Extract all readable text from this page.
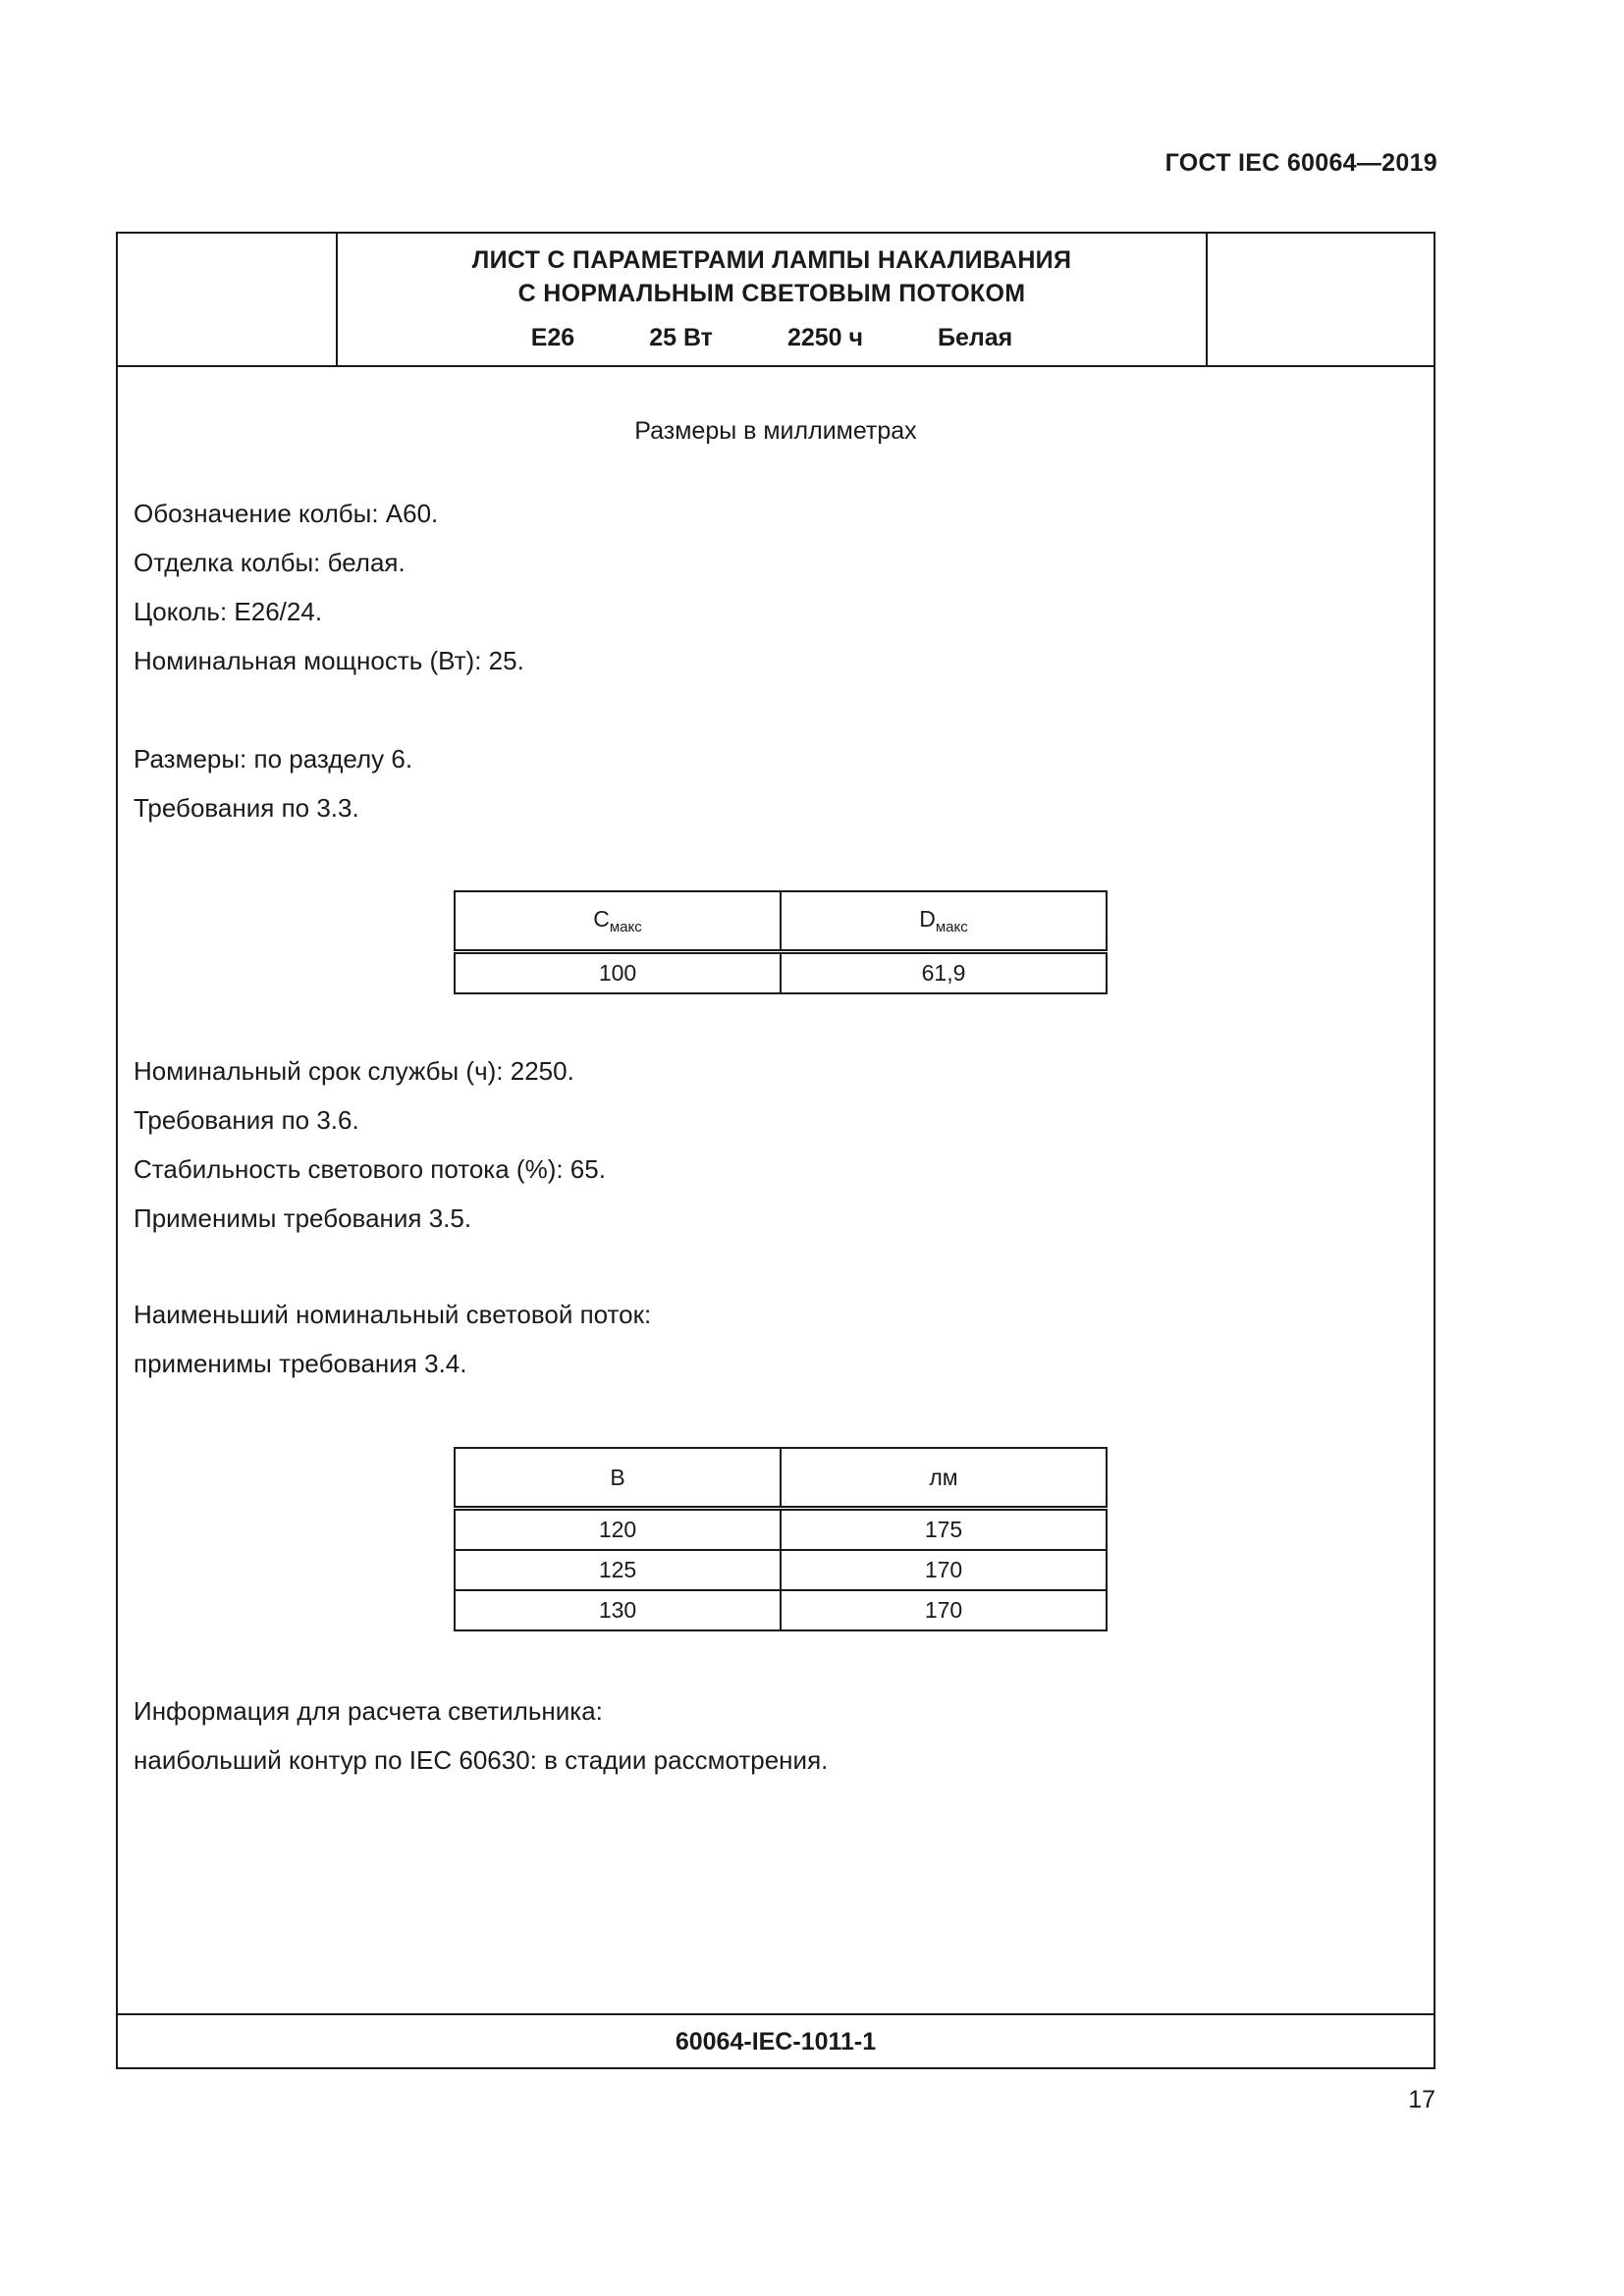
ГОСТ IEC 60064—2019
ЛИСТ С ПАРАМЕТРАМИ ЛАМПЫ НАКАЛИВАНИЯ
С НОРМАЛЬНЫМ СВЕТОВЫМ ПОТОКОМ
E26	25 Вт	2250 ч	Белая
Размеры в миллиметрах
Обозначение колбы: A60.
Отделка колбы: белая.
Цоколь: E26/24.
Номинальная мощность (Вт): 25.
Размеры: по разделу 6.
Требования по 3.3.
$C_{макс}$	$D_{макс}$
100	61,9
Номинальный срок службы (ч): 2250.
Требования по 3.6.
Стабильность светового потока (%): 65.
Применимы требования 3.5.
Наименьший номинальный световой поток:
применимы требования 3.4.
В	лм
120	175
125	170
130	170
Информация для расчета светильника:
наибольший контур по IEC 60630: в стадии рассмотрения.
60064-IEC-1011-1
17
